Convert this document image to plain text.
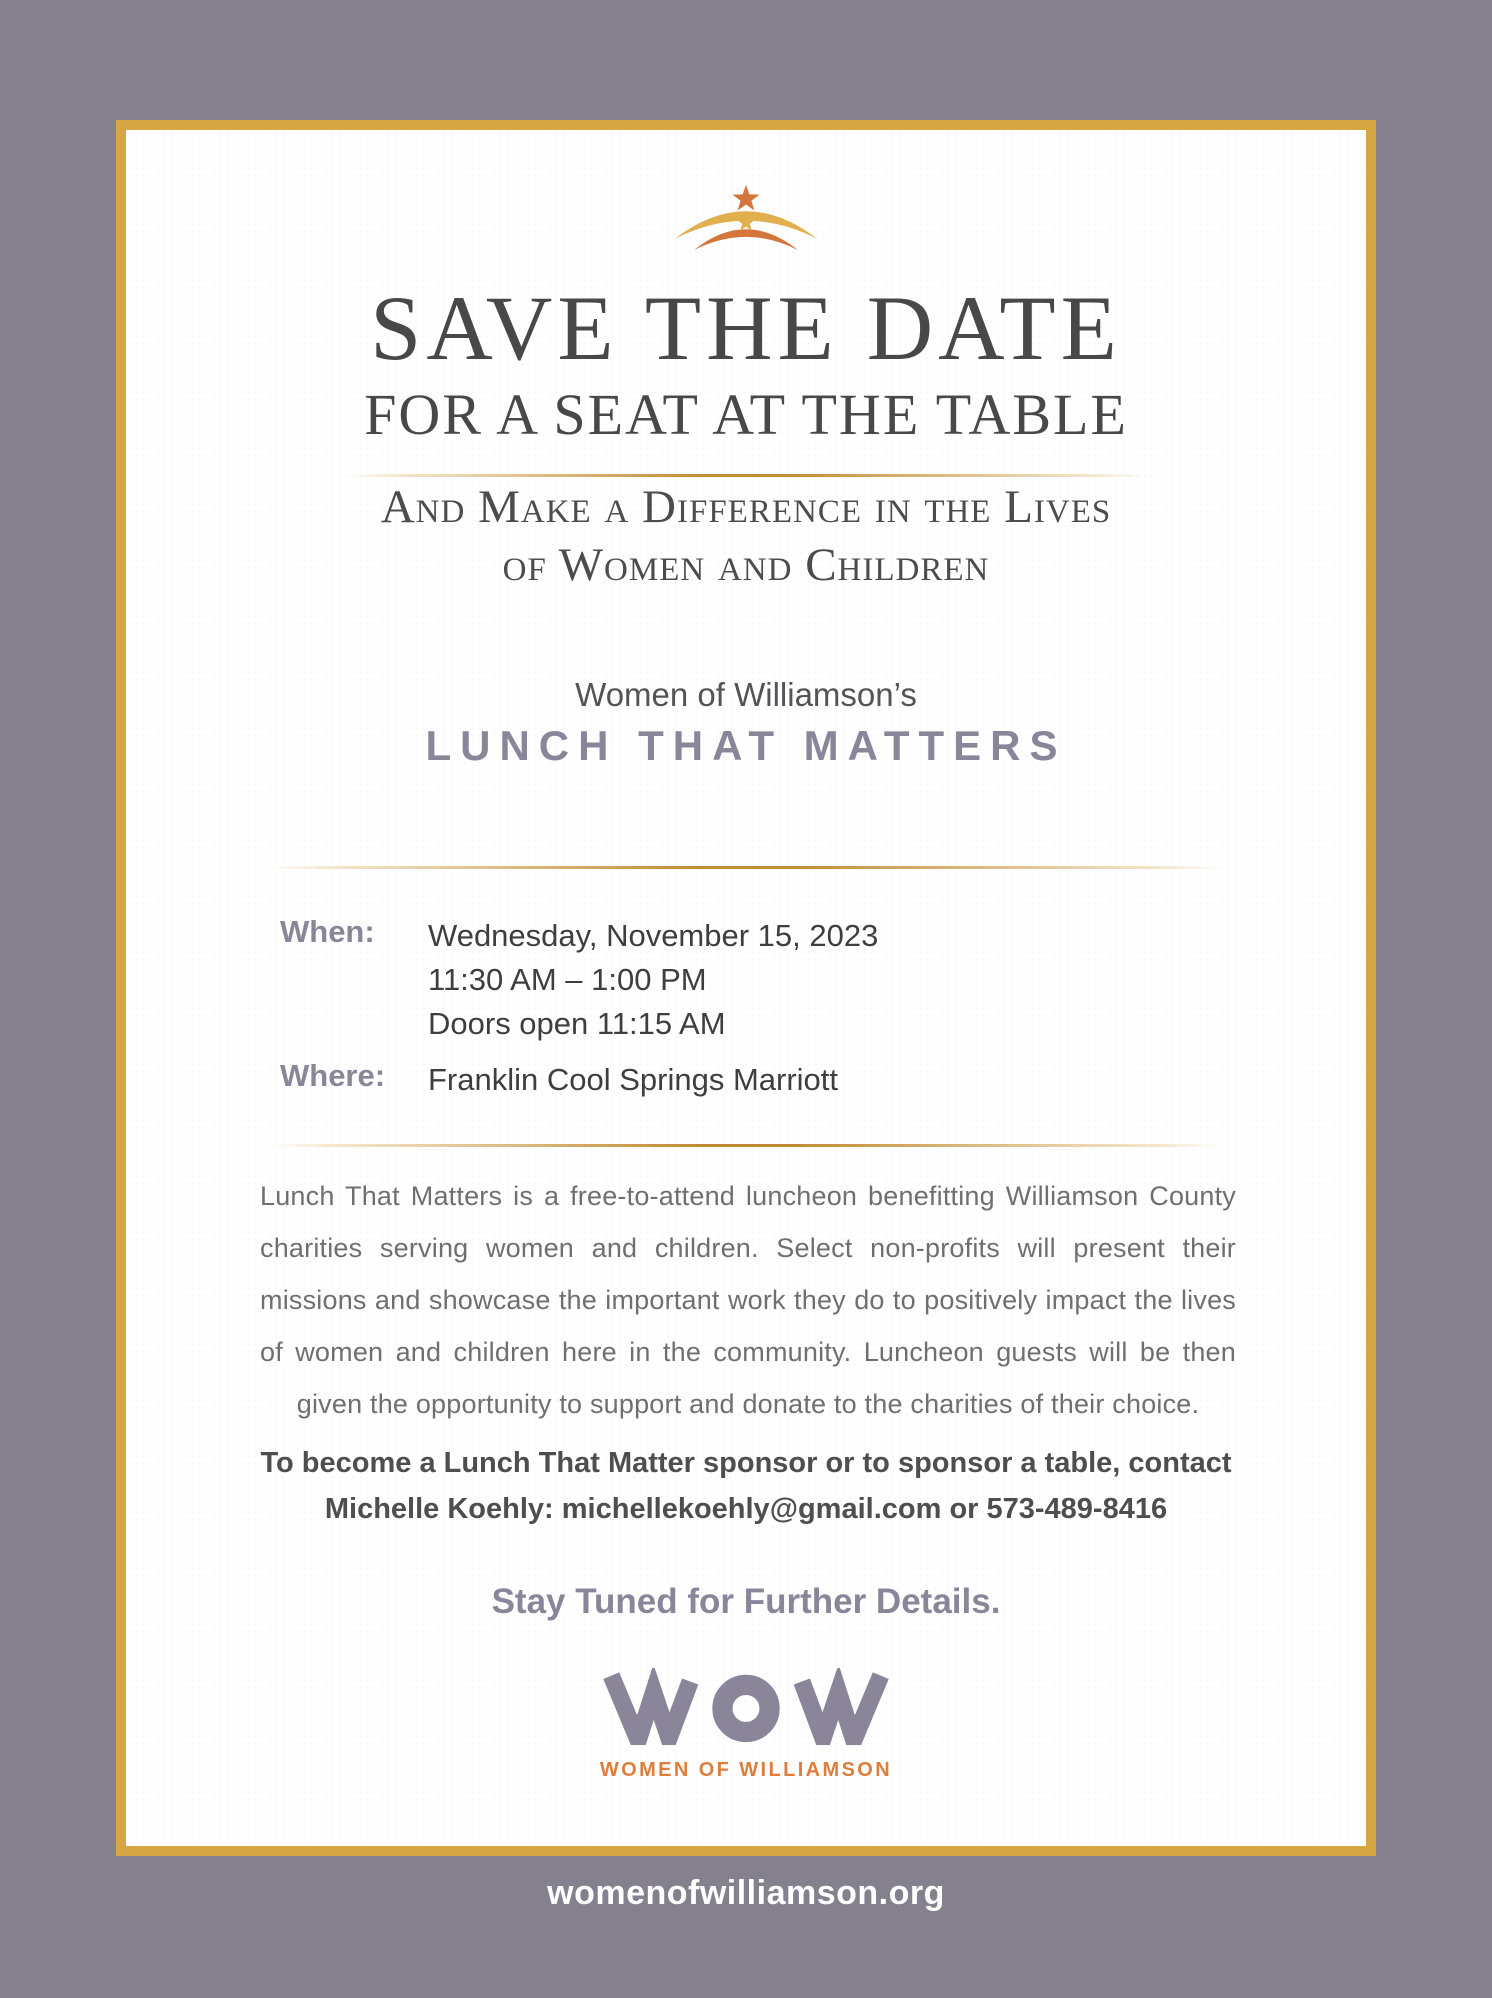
SAVE THE DATE
FOR A SEAT AT THE TABLE
And Make a Difference in the Lives
of Women and Children
Women of Williamson’s
LUNCH THAT MATTERS
When: Wednesday, November 15, 2023
11:30 AM – 1:00 PM
Doors open 11:15 AM
Where: Franklin Cool Springs Marriott
Lunch That Matters is a free-to-attend luncheon benefitting Williamson County charities serving women and children. Select non-profits will present their missions and showcase the important work they do to positively impact the lives of women and children here in the community. Luncheon guests will be then given the opportunity to support and donate to the charities of their choice.
To become a Lunch That Matter sponsor or to sponsor a table, contact
Michelle Koehly: michellekoehly@gmail.com or 573-489-8416
Stay Tuned for Further Details.
WOMEN OF WILLIAMSON
womenofwilliamson.org
